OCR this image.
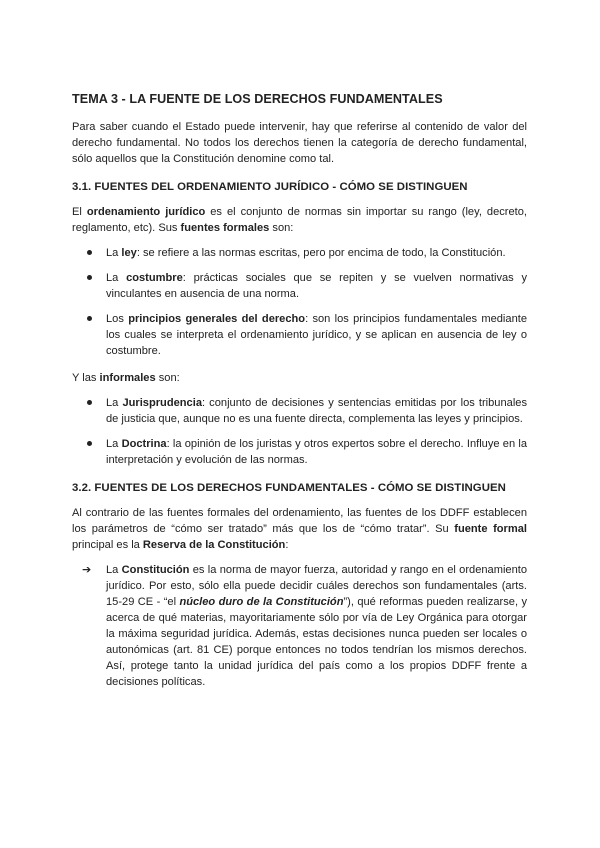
TEMA 3 - LA FUENTE DE LOS DERECHOS FUNDAMENTALES

Para saber cuando el Estado puede intervenir, hay que referirse al contenido de valor del derecho fundamental. No todos los derechos tienen la categoría de derecho fundamental, sólo aquellos que la Constitución denomine como tal.

3.1. FUENTES DEL ORDENAMIENTO JURÍDICO - CÓMO SE DISTINGUEN

El ordenamiento jurídico es el conjunto de normas sin importar su rango (ley, decreto, reglamento, etc). Sus fuentes formales son:

La ley: se refiere a las normas escritas, pero por encima de todo, la Constitución.

La costumbre: prácticas sociales que se repiten y se vuelven normativas y vinculantes en ausencia de una norma.

Los principios generales del derecho: son los principios fundamentales mediante los cuales se interpreta el ordenamiento jurídico, y se aplican en ausencia de ley o costumbre.

Y las informales son:

La Jurisprudencia: conjunto de decisiones y sentencias emitidas por los tribunales de justicia que, aunque no es una fuente directa, complementa las leyes y principios.

La Doctrina: la opinión de los juristas y otros expertos sobre el derecho. Influye en la interpretación y evolución de las normas.

3.2. FUENTES DE LOS DERECHOS FUNDAMENTALES - CÓMO SE DISTINGUEN

Al contrario de las fuentes formales del ordenamiento, las fuentes de los DDFF establecen los parámetros de “cómo ser tratado” más que los de “cómo tratar”. Su fuente formal principal es la Reserva de la Constitución:

➔ La Constitución es la norma de mayor fuerza, autoridad y rango en el ordenamiento jurídico. Por esto, sólo ella puede decidir cuáles derechos son fundamentales (arts. 15-29 CE - “el núcleo duro de la Constitución”), qué reformas pueden realizarse, y acerca de qué materias, mayoritariamente sólo por vía de Ley Orgánica para otorgar la máxima seguridad jurídica. Además, estas decisiones nunca pueden ser locales o autonómicas (art. 81 CE) porque entonces no todos tendrían los mismos derechos. Así, protege tanto la unidad jurídica del país como a los propios DDFF frente a decisiones políticas.
